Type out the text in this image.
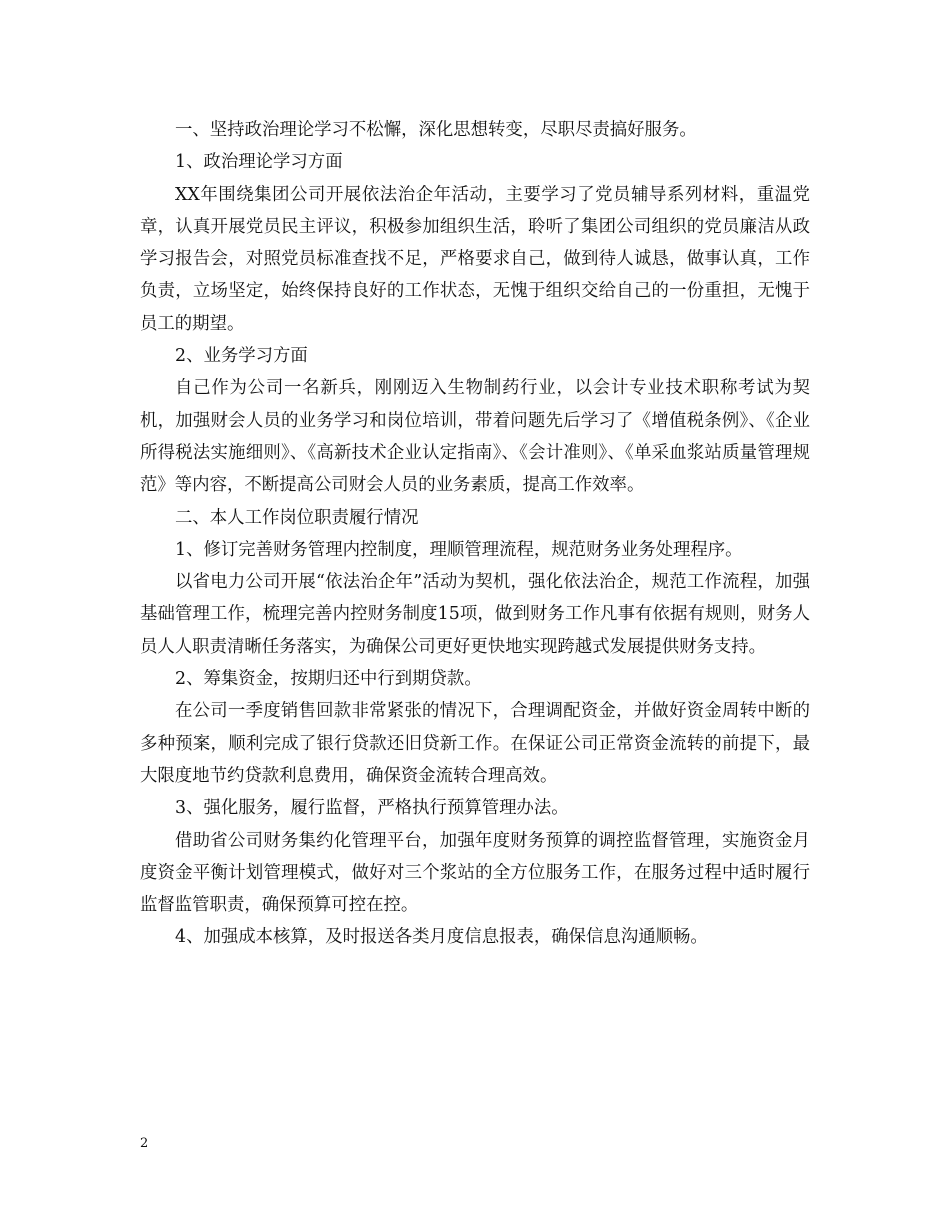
一、坚持政治理论学习不松懈，深化思想转变，尽职尽责搞好服务。

1、政治理论学习方面

XX年围绕集团公司开展依法治企年活动，主要学习了党员辅导系列材料，重温党章，认真开展党员民主评议，积极参加组织生活，聆听了集团公司组织的党员廉洁从政学习报告会，对照党员标准查找不足，严格要求自己，做到待人诚恳，做事认真，工作负责，立场坚定，始终保持良好的工作状态，无愧于组织交给自己的一份重担，无愧于员工的期望。

2、业务学习方面

自己作为公司一名新兵，刚刚迈入生物制药行业，以会计专业技术职称考试为契机，加强财会人员的业务学习和岗位培训，带着问题先后学习了《增值税条例》、《企业所得税法实施细则》、《高新技术企业认定指南》、《会计准则》、《单采血浆站质量管理规范》等内容，不断提高公司财会人员的业务素质，提高工作效率。

二、本人工作岗位职责履行情况

1、修订完善财务管理内控制度，理顺管理流程，规范财务业务处理程序。

以省电力公司开展“依法治企年”活动为契机，强化依法治企，规范工作流程，加强基础管理工作，梳理完善内控财务制度15项，做到财务工作凡事有依据有规则，财务人员人人职责清晰任务落实，为确保公司更好更快地实现跨越式发展提供财务支持。

2、筹集资金，按期归还中行到期贷款。

在公司一季度销售回款非常紧张的情况下，合理调配资金，并做好资金周转中断的多种预案，顺利完成了银行贷款还旧贷新工作。在保证公司正常资金流转的前提下，最大限度地节约贷款利息费用，确保资金流转合理高效。

3、强化服务，履行监督，严格执行预算管理办法。

借助省公司财务集约化管理平台，加强年度财务预算的调控监督管理，实施资金月度资金平衡计划管理模式，做好对三个浆站的全方位服务工作，在服务过程中适时履行监督监管职责，确保预算可控在控。

4、加强成本核算，及时报送各类月度信息报表，确保信息沟通顺畅。

2
